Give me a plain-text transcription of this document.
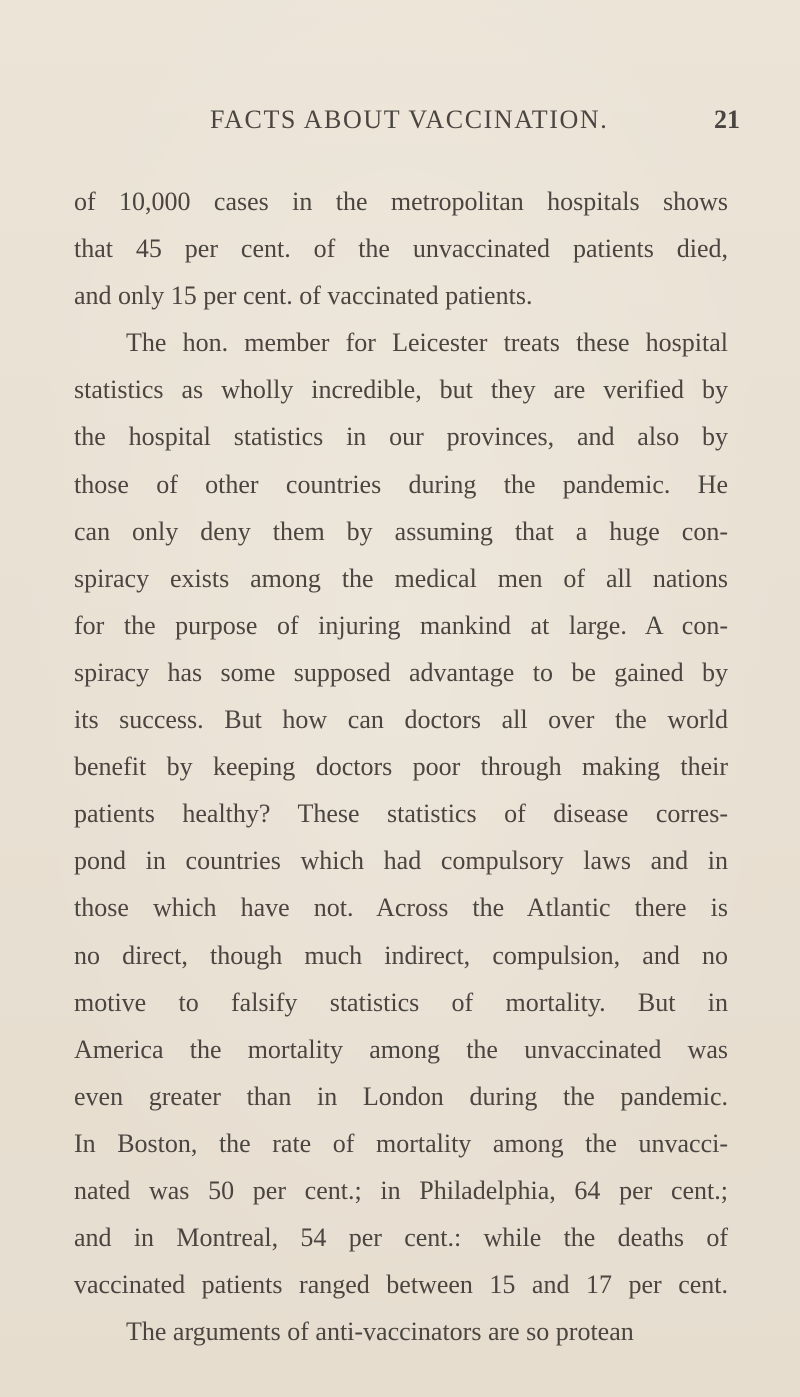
FACTS ABOUT VACCINATION.	21
of 10,000 cases in the metropolitan hospitals shows
that 45 per cent. of the unvaccinated patients died,
and only 15 per cent. of vaccinated patients.
The hon. member for Leicester treats these hospital
statistics as wholly incredible, but they are verified by
the hospital statistics in our provinces, and also by
those of other countries during the pandemic. He
can only deny them by assuming that a huge con-
spiracy exists among the medical men of all nations
for the purpose of injuring mankind at large. A con-
spiracy has some supposed advantage to be gained by
its success. But how can doctors all over the world
benefit by keeping doctors poor through making their
patients healthy? These statistics of disease corres-
pond in countries which had compulsory laws and in
those which have not. Across the Atlantic there is
no direct, though much indirect, compulsion, and no
motive to falsify statistics of mortality. But in
America the mortality among the unvaccinated was
even greater than in London during the pandemic.
In Boston, the rate of mortality among the unvacci-
nated was 50 per cent.; in Philadelphia, 64 per cent.;
and in Montreal, 54 per cent.: while the deaths of
vaccinated patients ranged between 15 and 17 per cent.
The arguments of anti-vaccinators are so protean
